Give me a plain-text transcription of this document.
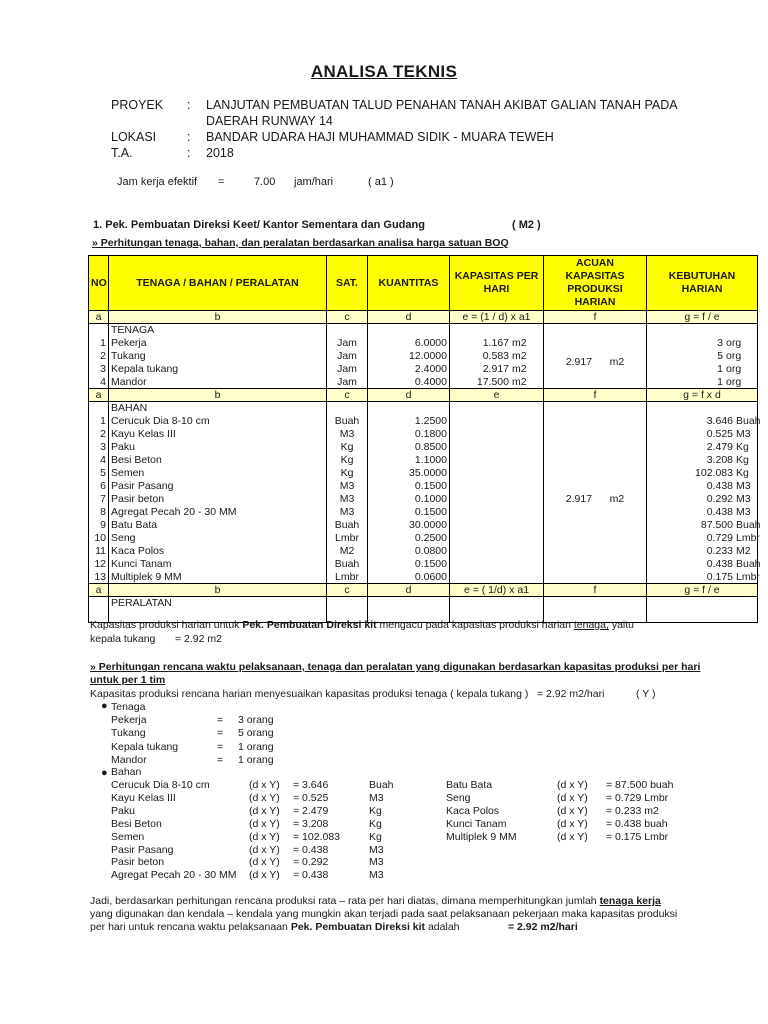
ANALISA TEKNIS
PROYEK : LANJUTAN PEMBUATAN TALUD PENAHAN TANAH AKIBAT GALIAN TANAH PADA
DAERAH RUNWAY 14
LOKASI : BANDAR UDARA HAJI MUHAMMAD SIDIK - MUARA TEWEH
T.A.	: 2018
Jam kerja efektif =	7.00 jam/hari	( a1 )
1. Pek. Pembuatan Direksi Keet/ Kantor Sementara dan Gudang	( M2 )
» Perhitungan tenaga, bahan, dan peralatan berdasarkan analisa harga satuan BOQ
NO	TENAGA / BAHAN / PERALATAN	SAT.	KUANTITAS	KAPASITAS PER HARI	ACUAN KAPASITAS PRODUKSI HARIAN	KEBUTUHAN HARIAN
a	b	c	d	e = (1 / d) x a1	f	g = f / e
	TENAGA					
1	Pekerja	Jam	6.0000	1.167 m2	2.917 m2	3 org
2	Tukang	Jam	12.0000	0.583 m2		5 org
3	Kepala tukang	Jam	2.4000	2.917 m2		1 org
4	Mandor	Jam	0.4000	17.500 m2		1 org
a	b	c	d	e	f	g = f x d
	BAHAN					
1	Cerucuk Dia 8-10 cm	Buah	1.2500		2.917 m2	3.646 Buah
2	Kayu Kelas III	M3	0.1800			0.525 M3
3	Paku	Kg	0.8500			2.479 Kg
4	Besi Beton	Kg	1.1000			3.208 Kg
5	Semen	Kg	35.0000			102.083 Kg
6	Pasir Pasang	M3	0.1500			0.438 M3
7	Pasir beton	M3	0.1000			0.292 M3
8	Agregat Pecah 20 - 30 MM	M3	0.1500			0.438 M3
9	Batu Bata	Buah	30.0000			87.500 Buah
10	Seng	Lmbr	0.2500			0.729 Lmbr
11	Kaca Polos	M2	0.0800			0.233 M2
12	Kunci Tanam	Buah	0.1500			0.438 Buah
13	Multiplek 9 MM	Lmbr	0.0600			0.175 Lmbr
a	b	c	d	e = ( 1/d) x a1	f	g = f / e
	PERALATAN					
Kapasitas produksi harian untuk Pek. Pembuatan Direksi kit mengacu pada kapasitas produksi harian tenaga, yaitu
kepala tukang = 2.92 m2
» Perhitungan rencana waktu pelaksanaan, tenaga dan peralatan yang digunakan berdasarkan kapasitas produksi per hari
untuk per 1 tim
Kapasitas produksi rencana harian menyesuaikan kapasitas produksi tenaga ( kepala tukang ) = 2.92 m2/hari	( Y )
● Tenaga
Pekerja	= 3 orang
Tukang	= 5 orang
Kepala tukang	= 1 orang
Mandor	= 1 orang
● Bahan
Cerucuk Dia 8-10 cm	(d x Y) = 3.646	Buah
Kayu Kelas III	(d x Y) = 0.525	M3
Paku	(d x Y) = 2.479	Kg
Besi Beton	(d x Y) = 3.208	Kg
Semen	(d x Y) = 102.083	Kg
Pasir Pasang	(d x Y) = 0.438	M3
Pasir beton	(d x Y) = 0.292	M3
Agregat Pecah 20 - 30 MM (d x Y) = 0.438	M3
Batu Bata	(d x Y) = 87.500 buah
Seng	(d x Y) = 0.729 Lmbr
Kaca Polos	(d x Y) = 0.233 m2
Kunci Tanam	(d x Y) = 0.438 buah
Multiplek 9 MM	(d x Y) = 0.175 Lmbr
Jadi, berdasarkan perhitungan rencana produksi rata – rata per hari diatas, dimana memperhitungkan jumlah tenaga kerja
yang digunakan dan kendala – kendala yang mungkin akan terjadi pada saat pelaksanaan pekerjaan maka kapasitas produksi
per hari untuk rencana waktu pelaksanaan Pek. Pembuatan Direksi kit adalah	= 2.92 m2/hari
